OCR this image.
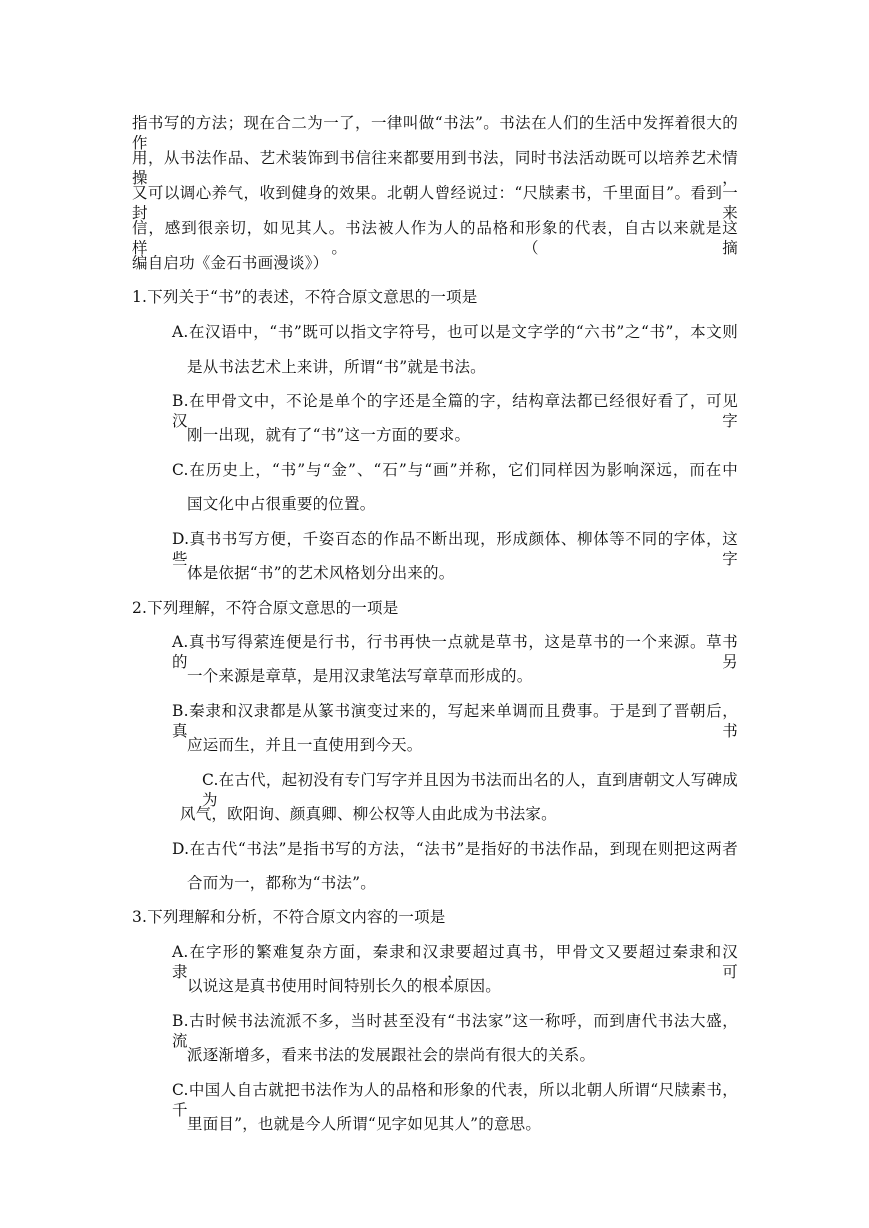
指书写的方法；现在合二为一了，一律叫做“书法”。书法在人们的生活中发挥着很大的作
用，从书法作品、艺术装饰到书信往来都要用到书法，同时书法活动既可以培养艺术情操，
又可以调心养气，收到健身的效果。北朝人曾经说过：“尺牍素书，千里面目”。看到一封来
信，感到很亲切，如见其人。书法被人作为人的品格和形象的代表，自古以来就是这样。（摘
编自启功《金石书画漫谈》）
1.下列关于“书”的表述，不符合原文意思的一项是
A.在汉语中，“书”既可以指文字符号，也可以是文字学的“六书”之“书”，本文则
是从书法艺术上来讲，所谓“书”就是书法。
B.在甲骨文中，不论是单个的字还是全篇的字，结构章法都已经很好看了，可见汉字
刚一出现，就有了“书”这一方面的要求。
C.在历史上，“书”与“金”、“石”与“画”并称，它们同样因为影响深远，而在中
国文化中占很重要的位置。
D.真书书写方便，千姿百态的作品不断出现，形成颜体、柳体等不同的字体，这些字
体是依据“书”的艺术风格划分出来的。
2.下列理解，不符合原文意思的一项是
A.真书写得萦连便是行书，行书再快一点就是草书，这是草书的一个来源。草书的另
一个来源是章草，是用汉隶笔法写章草而形成的。
B.秦隶和汉隶都是从篆书演变过来的，写起来单调而且费事。于是到了晋朝后，真书
应运而生，并且一直使用到今天。
C.在古代，起初没有专门写字并且因为书法而出名的人，直到唐朝文人写碑成为
风气，欧阳询、颜真卿、柳公权等人由此成为书法家。
D.在古代“书法”是指书写的方法，“法书”是指好的书法作品，到现在则把这两者
合而为一，都称为“书法”。
3.下列理解和分析，不符合原文内容的一项是
A.在字形的繁难复杂方面，秦隶和汉隶要超过真书，甲骨文又要超过秦隶和汉隶，可
以说这是真书使用时间特别长久的根本原因。
B.古时候书法流派不多，当时甚至没有“书法家”这一称呼，而到唐代书法大盛，流
派逐渐增多，看来书法的发展跟社会的崇尚有很大的关系。
C.中国人自古就把书法作为人的品格和形象的代表，所以北朝人所谓“尺牍素书，千
里面目”，也就是今人所谓“见字如见其人”的意思。
